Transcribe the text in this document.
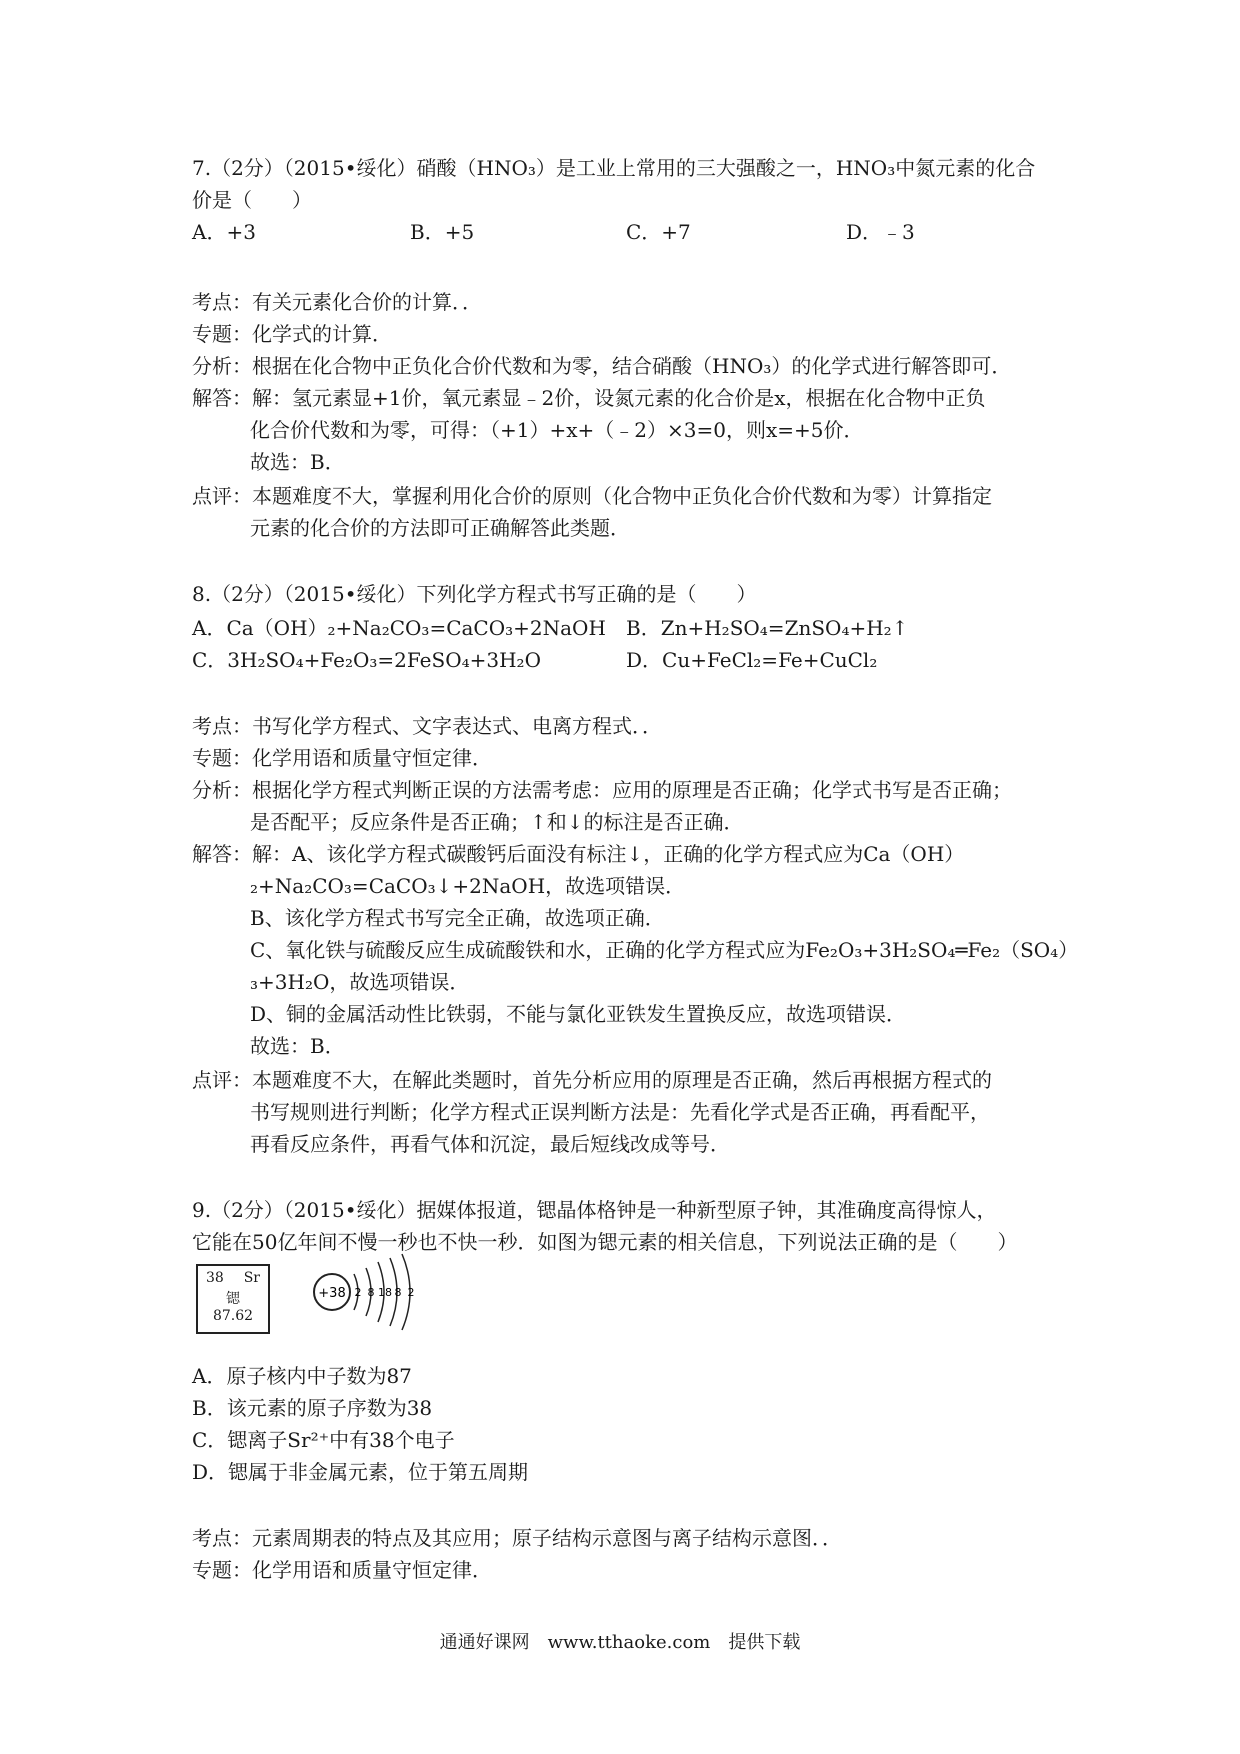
7.（2分）（2015•绥化）硝酸（HNO₃）是工业上常用的三大强酸之一，HNO₃中氮元素的化合
价是（　　）
A．+3	B．+5	C．+7	D．﹣3
考点：有关元素化合价的计算．．
专题：化学式的计算．
分析：根据在化合物中正负化合价代数和为零，结合硝酸（HNO₃）的化学式进行解答即可．
解答：解：氢元素显+1价，氧元素显﹣2价，设氮元素的化合价是x，根据在化合物中正负
化合价代数和为零，可得：（+1）+x+（﹣2）×3=0，则x=+5价．
故选：B．
点评：本题难度不大，掌握利用化合价的原则（化合物中正负化合价代数和为零）计算指定
元素的化合价的方法即可正确解答此类题．
8.（2分）（2015•绥化）下列化学方程式书写正确的是（　　）
A．Ca（OH）₂+Na₂CO₃=CaCO₃+2NaOH B．Zn+H₂SO₄=ZnSO₄+H₂↑
C．3H₂SO₄+Fe₂O₃=2FeSO₄+3H₂O	D．Cu+FeCl₂=Fe+CuCl₂
考点：书写化学方程式、文字表达式、电离方程式．．
专题：化学用语和质量守恒定律．
分析：根据化学方程式判断正误的方法需考虑：应用的原理是否正确；化学式书写是否正确；
是否配平；反应条件是否正确；↑和↓的标注是否正确．
解答：解：A、该化学方程式碳酸钙后面没有标注↓，正确的化学方程式应为Ca（OH）
₂+Na₂CO₃=CaCO₃↓+2NaOH，故选项错误．
B、该化学方程式书写完全正确，故选项正确．
C、氧化铁与硫酸反应生成硫酸铁和水，正确的化学方程式应为Fe₂O₃+3H₂SO₄═Fe₂（SO₄）
₃+3H₂O，故选项错误．
D、铜的金属活动性比铁弱，不能与氯化亚铁发生置换反应，故选项错误．
故选：B．
点评：本题难度不大，在解此类题时，首先分析应用的原理是否正确，然后再根据方程式的
书写规则进行判断；化学方程式正误判断方法是：先看化学式是否正确，再看配平，
再看反应条件，再看气体和沉淀，最后短线改成等号．
9.（2分）（2015•绥化）据媒体报道，锶晶体格钟是一种新型原子钟，其准确度高得惊人，
它能在50亿年间不慢一秒也不快一秒．如图为锶元素的相关信息，下列说法正确的是（　　）
38 Sr
锶
87.62
+38 2 8 18 8 2
A．原子核内中子数为87
B．该元素的原子序数为38
C．锶离子Sr²⁺中有38个电子
D．锶属于非金属元素，位于第五周期
考点：元素周期表的特点及其应用；原子结构示意图与离子结构示意图．．
专题：化学用语和质量守恒定律．
通通好课网　www.tthaoke.com　提供下载
